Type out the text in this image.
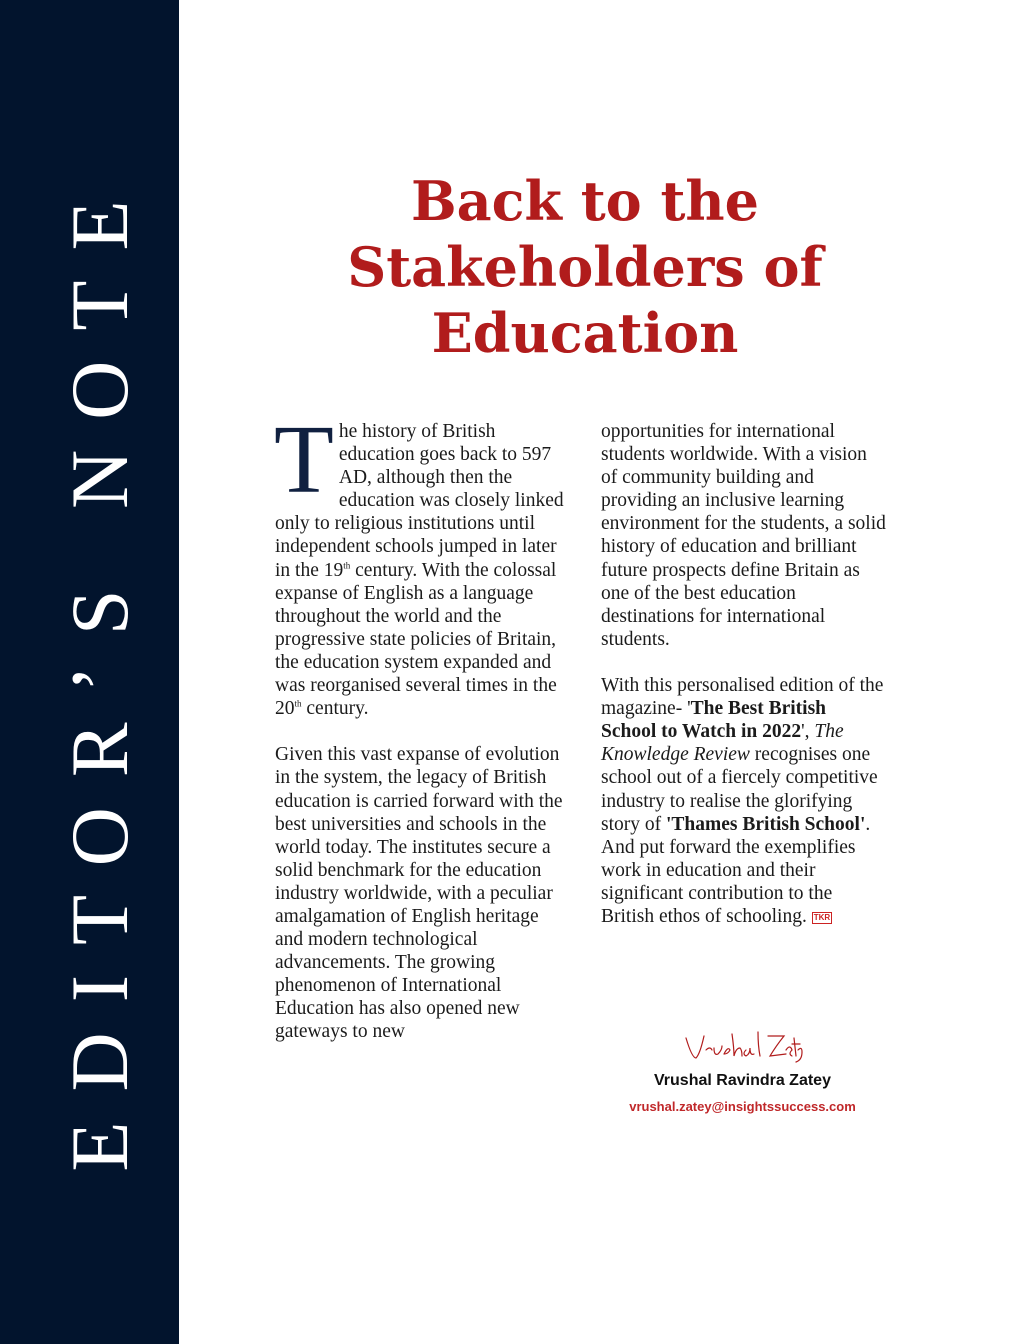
EDITOR’S NOTE	Back to the
Stakeholders of
Education

The history of British education goes back to 597 AD, although then the education was closely linked only to religious institutions until independent schools jumped in later in the 19th century. With the colossal expanse of English as a language throughout the world and the progressive state policies of Britain, the education system expanded and was reorganised several times in the 20th century.

Given this vast expanse of evolution in the system, the legacy of British education is carried forward with the best universities and schools in the world today. The institutes secure a solid benchmark for the education industry worldwide, with a peculiar amalgamation of English heritage and modern technological advancements. The growing phenomenon of International Education has also opened new gateways to new

opportunities for international students worldwide. With a vision of community building and providing an inclusive learning environment for the students, a solid history of education and brilliant future prospects define Britain as one of the best education destinations for international students.

With this personalised edition of the magazine- 'The Best British School to Watch in 2022', The Knowledge Review recognises one school out of a fiercely competitive industry to realise the glorifying story of 'Thames British School'. And put forward the exemplifies work in education and their significant contribution to the British ethos of schooling. TKR

Vrushal Ravindra Zatey
vrushal.zatey@insightssuccess.com
